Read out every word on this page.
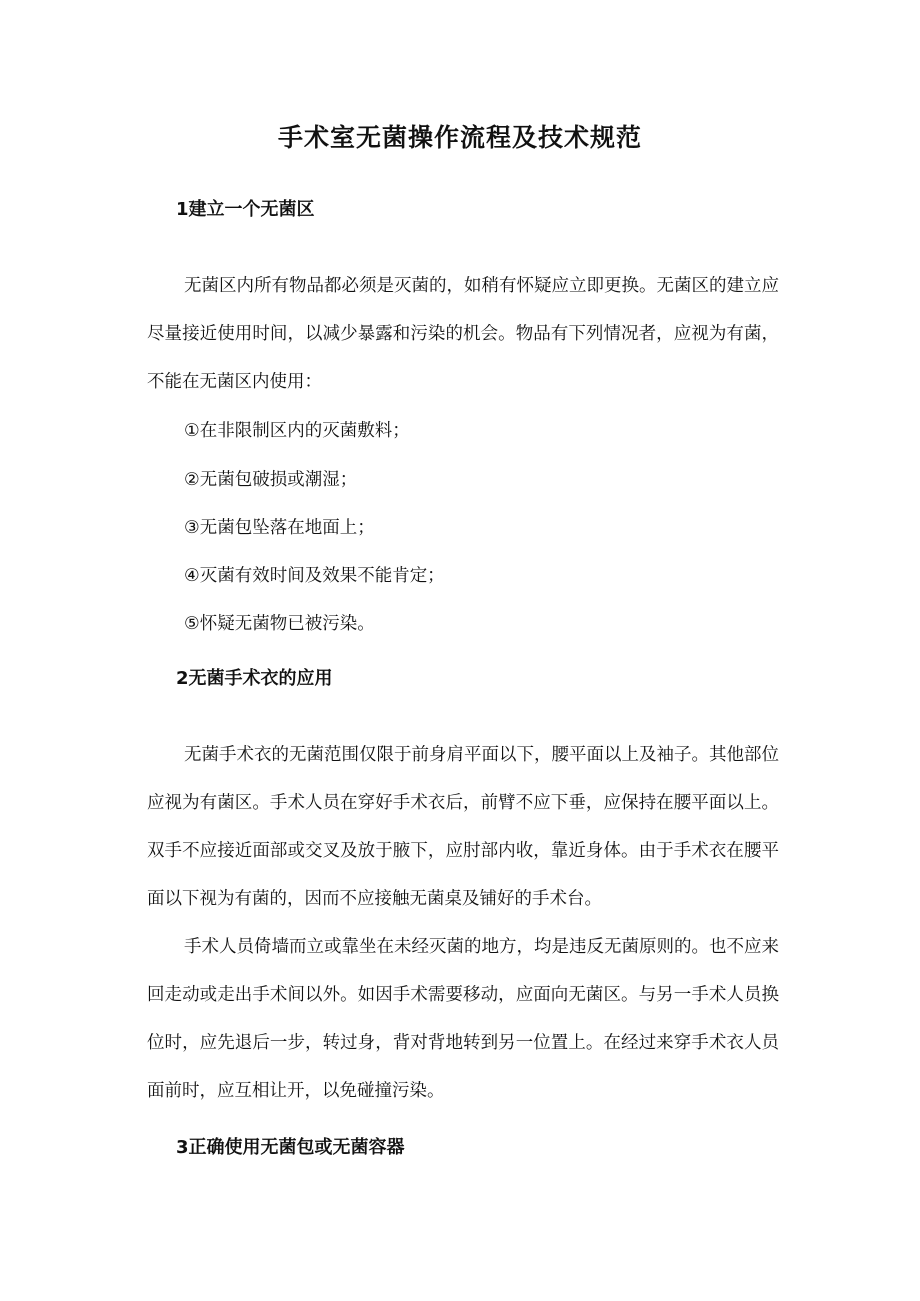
手术室无菌操作流程及技术规范
1建立一个无菌区

无菌区内所有物品都必须是灭菌的，如稍有怀疑应立即更换。无菌区的建立应尽量接近使用时间，以减少暴露和污染的机会。物品有下列情况者，应视为有菌，不能在无菌区内使用：

①在非限制区内的灭菌敷料；

②无菌包破损或潮湿；

③无菌包坠落在地面上；

④灭菌有效时间及效果不能肯定；

⑤怀疑无菌物已被污染。

2无菌手术衣的应用

无菌手术衣的无菌范围仅限于前身肩平面以下，腰平面以上及袖子。其他部位应视为有菌区。手术人员在穿好手术衣后，前臂不应下垂，应保持在腰平面以上。双手不应接近面部或交叉及放于腋下，应肘部内收，靠近身体。由于手术衣在腰平面以下视为有菌的，因而不应接触无菌桌及铺好的手术台。

手术人员倚墙而立或靠坐在未经灭菌的地方，均是违反无菌原则的。也不应来回走动或走出手术间以外。如因手术需要移动，应面向无菌区。与另一手术人员换位时，应先退后一步，转过身，背对背地转到另一位置上。在经过来穿手术衣人员面前时，应互相让开，以免碰撞污染。

3正确使用无菌包或无菌容器
